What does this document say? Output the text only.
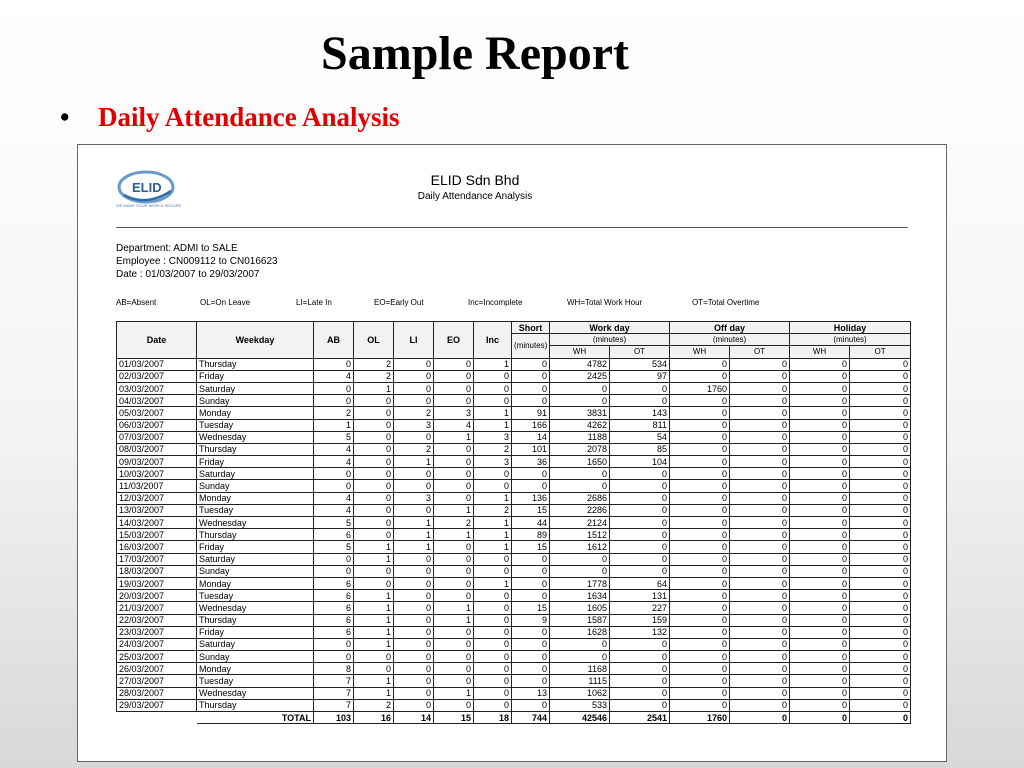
Sample Report
• Daily Attendance Analysis
ELID
WE MAKE YOUR WORLD SECURE
ELID Sdn Bhd
Daily Attendance Analysis
Department: ADMI to SALE
Employee : CN009112 to CN016623
Date : 01/03/2007 to 29/03/2007
AB=Absent	OL=On Leave	LI=Late In	EO=Early Out	Inc=Incomplete	WH=Total Work Hour	OT=Total Overtime
Date	Weekday	AB	OL	LI	EO	Inc	Short	Work day		Off day		Holiday	
							(minutes)	(minutes)		(minutes)		(minutes)	
								WH	OT	WH	OT	WH	OT
01/03/2007	Thursday	0	2	0	0	1	0	4782	534	0	0	0	0
02/03/2007	Friday	4	2	0	0	0	0	2425	97	0	0	0	0
03/03/2007	Saturday	0	1	0	0	0	0	0	0	1760	0	0	0
04/03/2007	Sunday	0	0	0	0	0	0	0	0	0	0	0	0
05/03/2007	Monday	2	0	2	3	1	91	3831	143	0	0	0	0
06/03/2007	Tuesday	1	0	3	4	1	166	4262	811	0	0	0	0
07/03/2007	Wednesday	5	0	0	1	3	14	1188	54	0	0	0	0
08/03/2007	Thursday	4	0	2	0	2	101	2078	85	0	0	0	0
09/03/2007	Friday	4	0	1	0	3	36	1650	104	0	0	0	0
10/03/2007	Saturday	0	0	0	0	0	0	0	0	0	0	0	0
11/03/2007	Sunday	0	0	0	0	0	0	0	0	0	0	0	0
12/03/2007	Monday	4	0	3	0	1	136	2686	0	0	0	0	0
13/03/2007	Tuesday	4	0	0	1	2	15	2286	0	0	0	0	0
14/03/2007	Wednesday	5	0	1	2	1	44	2124	0	0	0	0	0
15/03/2007	Thursday	6	0	1	1	1	89	1512	0	0	0	0	0
16/03/2007	Friday	5	1	1	0	1	15	1612	0	0	0	0	0
17/03/2007	Saturday	0	1	0	0	0	0	0	0	0	0	0	0
18/03/2007	Sunday	0	0	0	0	0	0	0	0	0	0	0	0
19/03/2007	Monday	6	0	0	0	1	0	1778	64	0	0	0	0
20/03/2007	Tuesday	6	1	0	0	0	0	1634	131	0	0	0	0
21/03/2007	Wednesday	6	1	0	1	0	15	1605	227	0	0	0	0
22/03/2007	Thursday	6	1	0	1	0	9	1587	159	0	0	0	0
23/03/2007	Friday	6	1	0	0	0	0	1628	132	0	0	0	0
24/03/2007	Saturday	0	1	0	0	0	0	0	0	0	0	0	0
25/03/2007	Sunday	0	0	0	0	0	0	0	0	0	0	0	0
26/03/2007	Monday	8	0	0	0	0	0	1168	0	0	0	0	0
27/03/2007	Tuesday	7	1	0	0	0	0	1115	0	0	0	0	0
28/03/2007	Wednesday	7	1	0	1	0	13	1062	0	0	0	0	0
29/03/2007	Thursday	7	2	0	0	0	0	533	0	0	0	0	0
	TOTAL	103	16	14	15	18	744	42546	2541	1760	0	0	0
